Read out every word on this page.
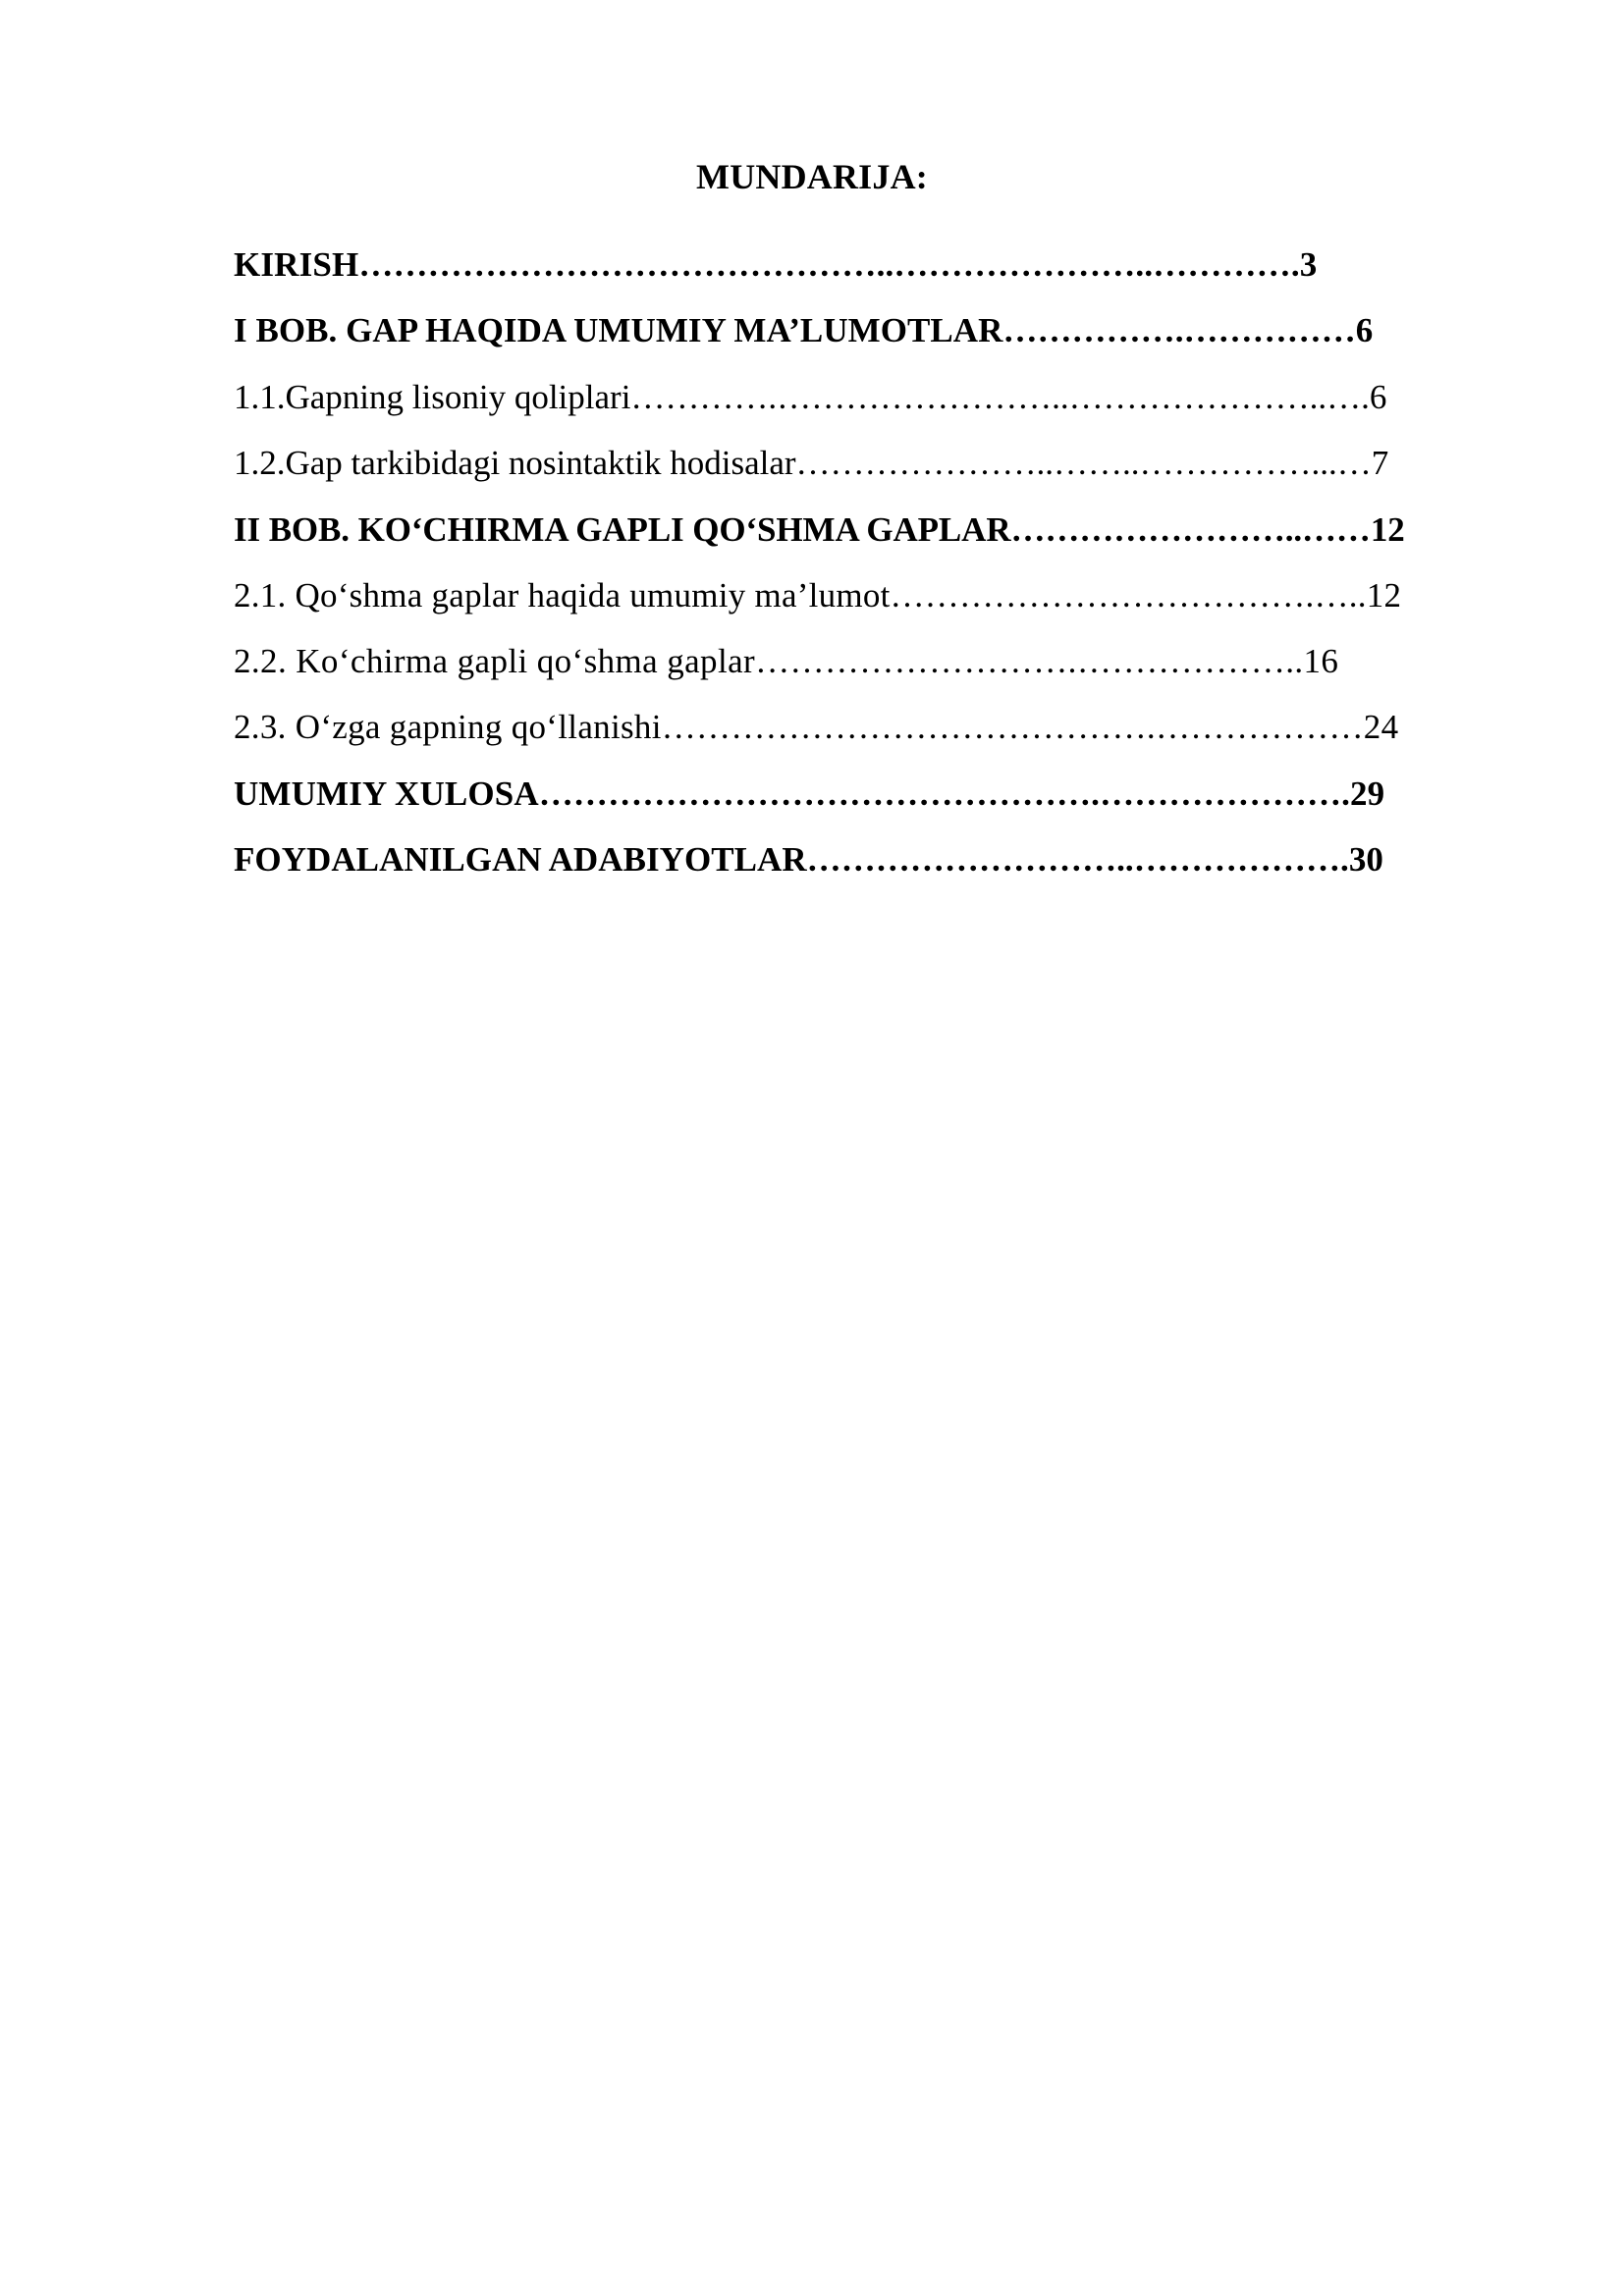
MUNDARIJA:
KIRISH………………………………………..…………………..………….3
I BOB. GAP HAQIDA UMUMIY MA’LUMOTLAR…………….……………6
1.1.Gapning lisoniy qoliplari………….……………………..…………………..….6
1.2.Gap tarkibidagi nosintaktik hodisalar…………………..……..……………...…7
II BOB. KO‘CHIRMA GAPLI QO‘SHMA GAPLAR……………………..……12
2.1. Qo‘shma gaplar haqida umumiy ma’lumot……………………………….…..12
2.2. Ko‘chirma gapli qo‘shma gaplar……………………….………………..16
2.3. O‘zga gapning qo‘llanishi…………………………………….………………24
UMUMIY XULOSA………………………………………….………………….29
FOYDALANILGAN ADABIYOTLAR………………………..……………….30
